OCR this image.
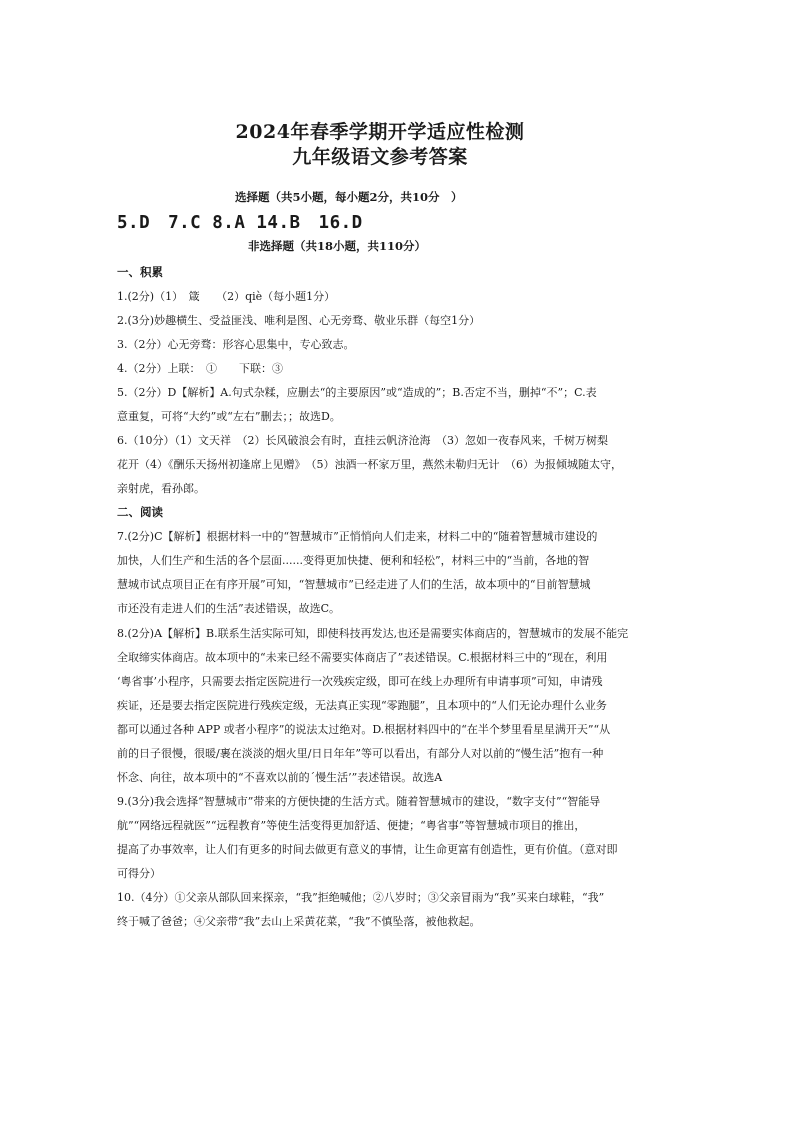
2024年春季学期开学适应性检测
九年级语文参考答案
选择题（共5小题，每小题2分，共10分　）
5.D　7.C 8.A 14.B　16.D
非选择题（共18小题，共110分）
一、积累
1.(2分)（1）　箴　　（2）qiè（每小题1分）
2.(3分)妙趣横生、受益匪浅、唯利是图、心无旁骛、敬业乐群（每空1分）
3.（2分）心无旁骛：形容心思集中，专心致志。
4.（2分）上联：　①　　下联：③
5.（2分）D【解析】A.句式杂糅，应删去“的主要原因”或“造成的”；B.否定不当，删掉“不”；C.表
意重复，可将“大约”或“左右”删去；；故选D。
6.（10分）（1）文天祥　（2）长风破浪会有时，直挂云帆济沧海　（3）忽如一夜春风来，千树万树梨
花开（4）《酬乐天扬州初逢席上见赠》　（5）浊酒一杯家万里，燕然未勒归无计　（6）为报倾城随太守，
亲射虎，看孙郎。
二、阅读
7.(2分)C【解析】根据材料一中的“智慧城市”正悄悄向人们走来，材料二中的“随着智慧城市建设的
加快，人们生产和生活的各个层面......变得更加快捷、便利和轻松”，材料三中的“当前，各地的智
慧城市试点项目正在有序开展”可知，“智慧城市”已经走进了人们的生活，故本项中的“目前智慧城
市还没有走进人们的生活”表述错误，故选C。
8.(2分)A【解析】B.联系生活实际可知，即使科技再发达,也还是需要实体商店的，智慧城市的发展不能完
全取缔实体商店。故本项中的“未来已经不需要实体商店了”表述错误。C.根据材料三中的“现在，利用
‘粤省事’小程序，只需要去指定医院进行一次残疾定级，即可在线上办理所有申请事项”可知，申请残
疾证，还是要去指定医院进行残疾定级，无法真正实现“零跑腿”，且本项中的“人们无论办理什么业务
都可以通过各种 APP 或者小程序”的说法太过绝对。D.根据材料四中的“在半个梦里看星星满开天”“从
前的日子很慢，很暖/裹在淡淡的烟火里/日日年年”等可以看出，有部分人对以前的“慢生活”抱有一种
怀念、向往，故本项中的“不喜欢以前的ˊ慢生活’”表述错误。故选A
9.(3分)我会选择“智慧城市”带来的方便快捷的生活方式。随着智慧城市的建设，“数字支付”“智能导
航”“网络远程就医”“远程教育”等使生活变得更加舒适、便捷；“粤省事”等智慧城市项目的推出，
提高了办事效率，让人们有更多的时间去做更有意义的事情，让生命更富有创造性，更有价值。（意对即
可得分）
10.（4分）①父亲从部队回来探亲，“我”拒绝喊他；②八岁时；③父亲冒雨为“我”买来白球鞋，“我”
终于喊了爸爸；④父亲带“我”去山上采黄花菜，“我”不慎坠落，被他救起。
